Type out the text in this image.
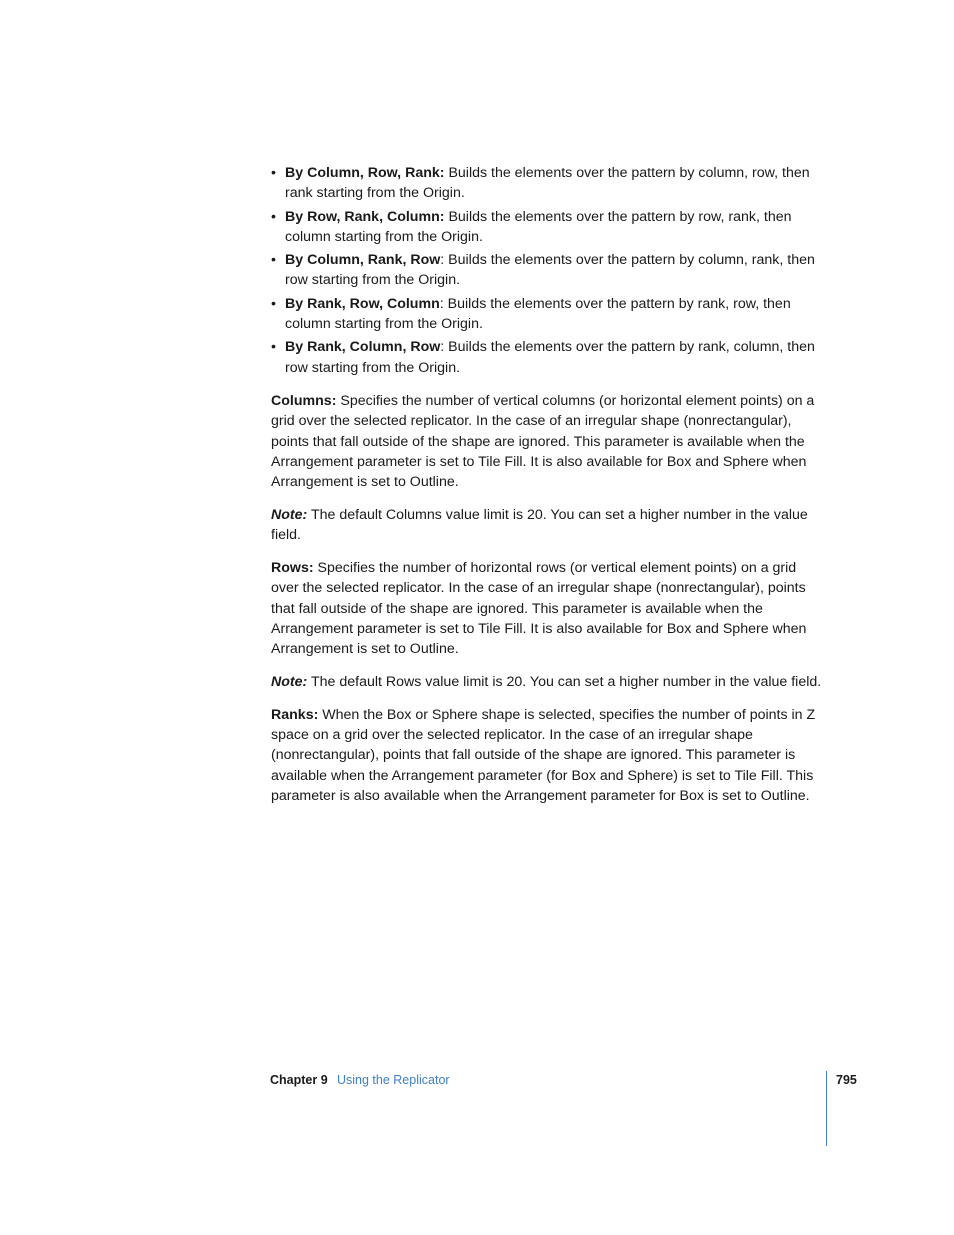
• By Column, Row, Rank: Builds the elements over the pattern by column, row, then rank starting from the Origin.
• By Row, Rank, Column: Builds the elements over the pattern by row, rank, then column starting from the Origin.
• By Column, Rank, Row: Builds the elements over the pattern by column, rank, then row starting from the Origin.
• By Rank, Row, Column: Builds the elements over the pattern by rank, row, then column starting from the Origin.
• By Rank, Column, Row: Builds the elements over the pattern by rank, column, then row starting from the Origin.

Columns: Specifies the number of vertical columns (or horizontal element points) on a grid over the selected replicator. In the case of an irregular shape (nonrectangular), points that fall outside of the shape are ignored. This parameter is available when the Arrangement parameter is set to Tile Fill. It is also available for Box and Sphere when Arrangement is set to Outline.

Note: The default Columns value limit is 20. You can set a higher number in the value field.

Rows: Specifies the number of horizontal rows (or vertical element points) on a grid over the selected replicator. In the case of an irregular shape (nonrectangular), points that fall outside of the shape are ignored. This parameter is available when the Arrangement parameter is set to Tile Fill. It is also available for Box and Sphere when Arrangement is set to Outline.

Note: The default Rows value limit is 20. You can set a higher number in the value field.

Ranks: When the Box or Sphere shape is selected, specifies the number of points in Z space on a grid over the selected replicator. In the case of an irregular shape (nonrectangular), points that fall outside of the shape are ignored. This parameter is available when the Arrangement parameter (for Box and Sphere) is set to Tile Fill. This parameter is also available when the Arrangement parameter for Box is set to Outline.

Chapter 9 Using the Replicator	795
